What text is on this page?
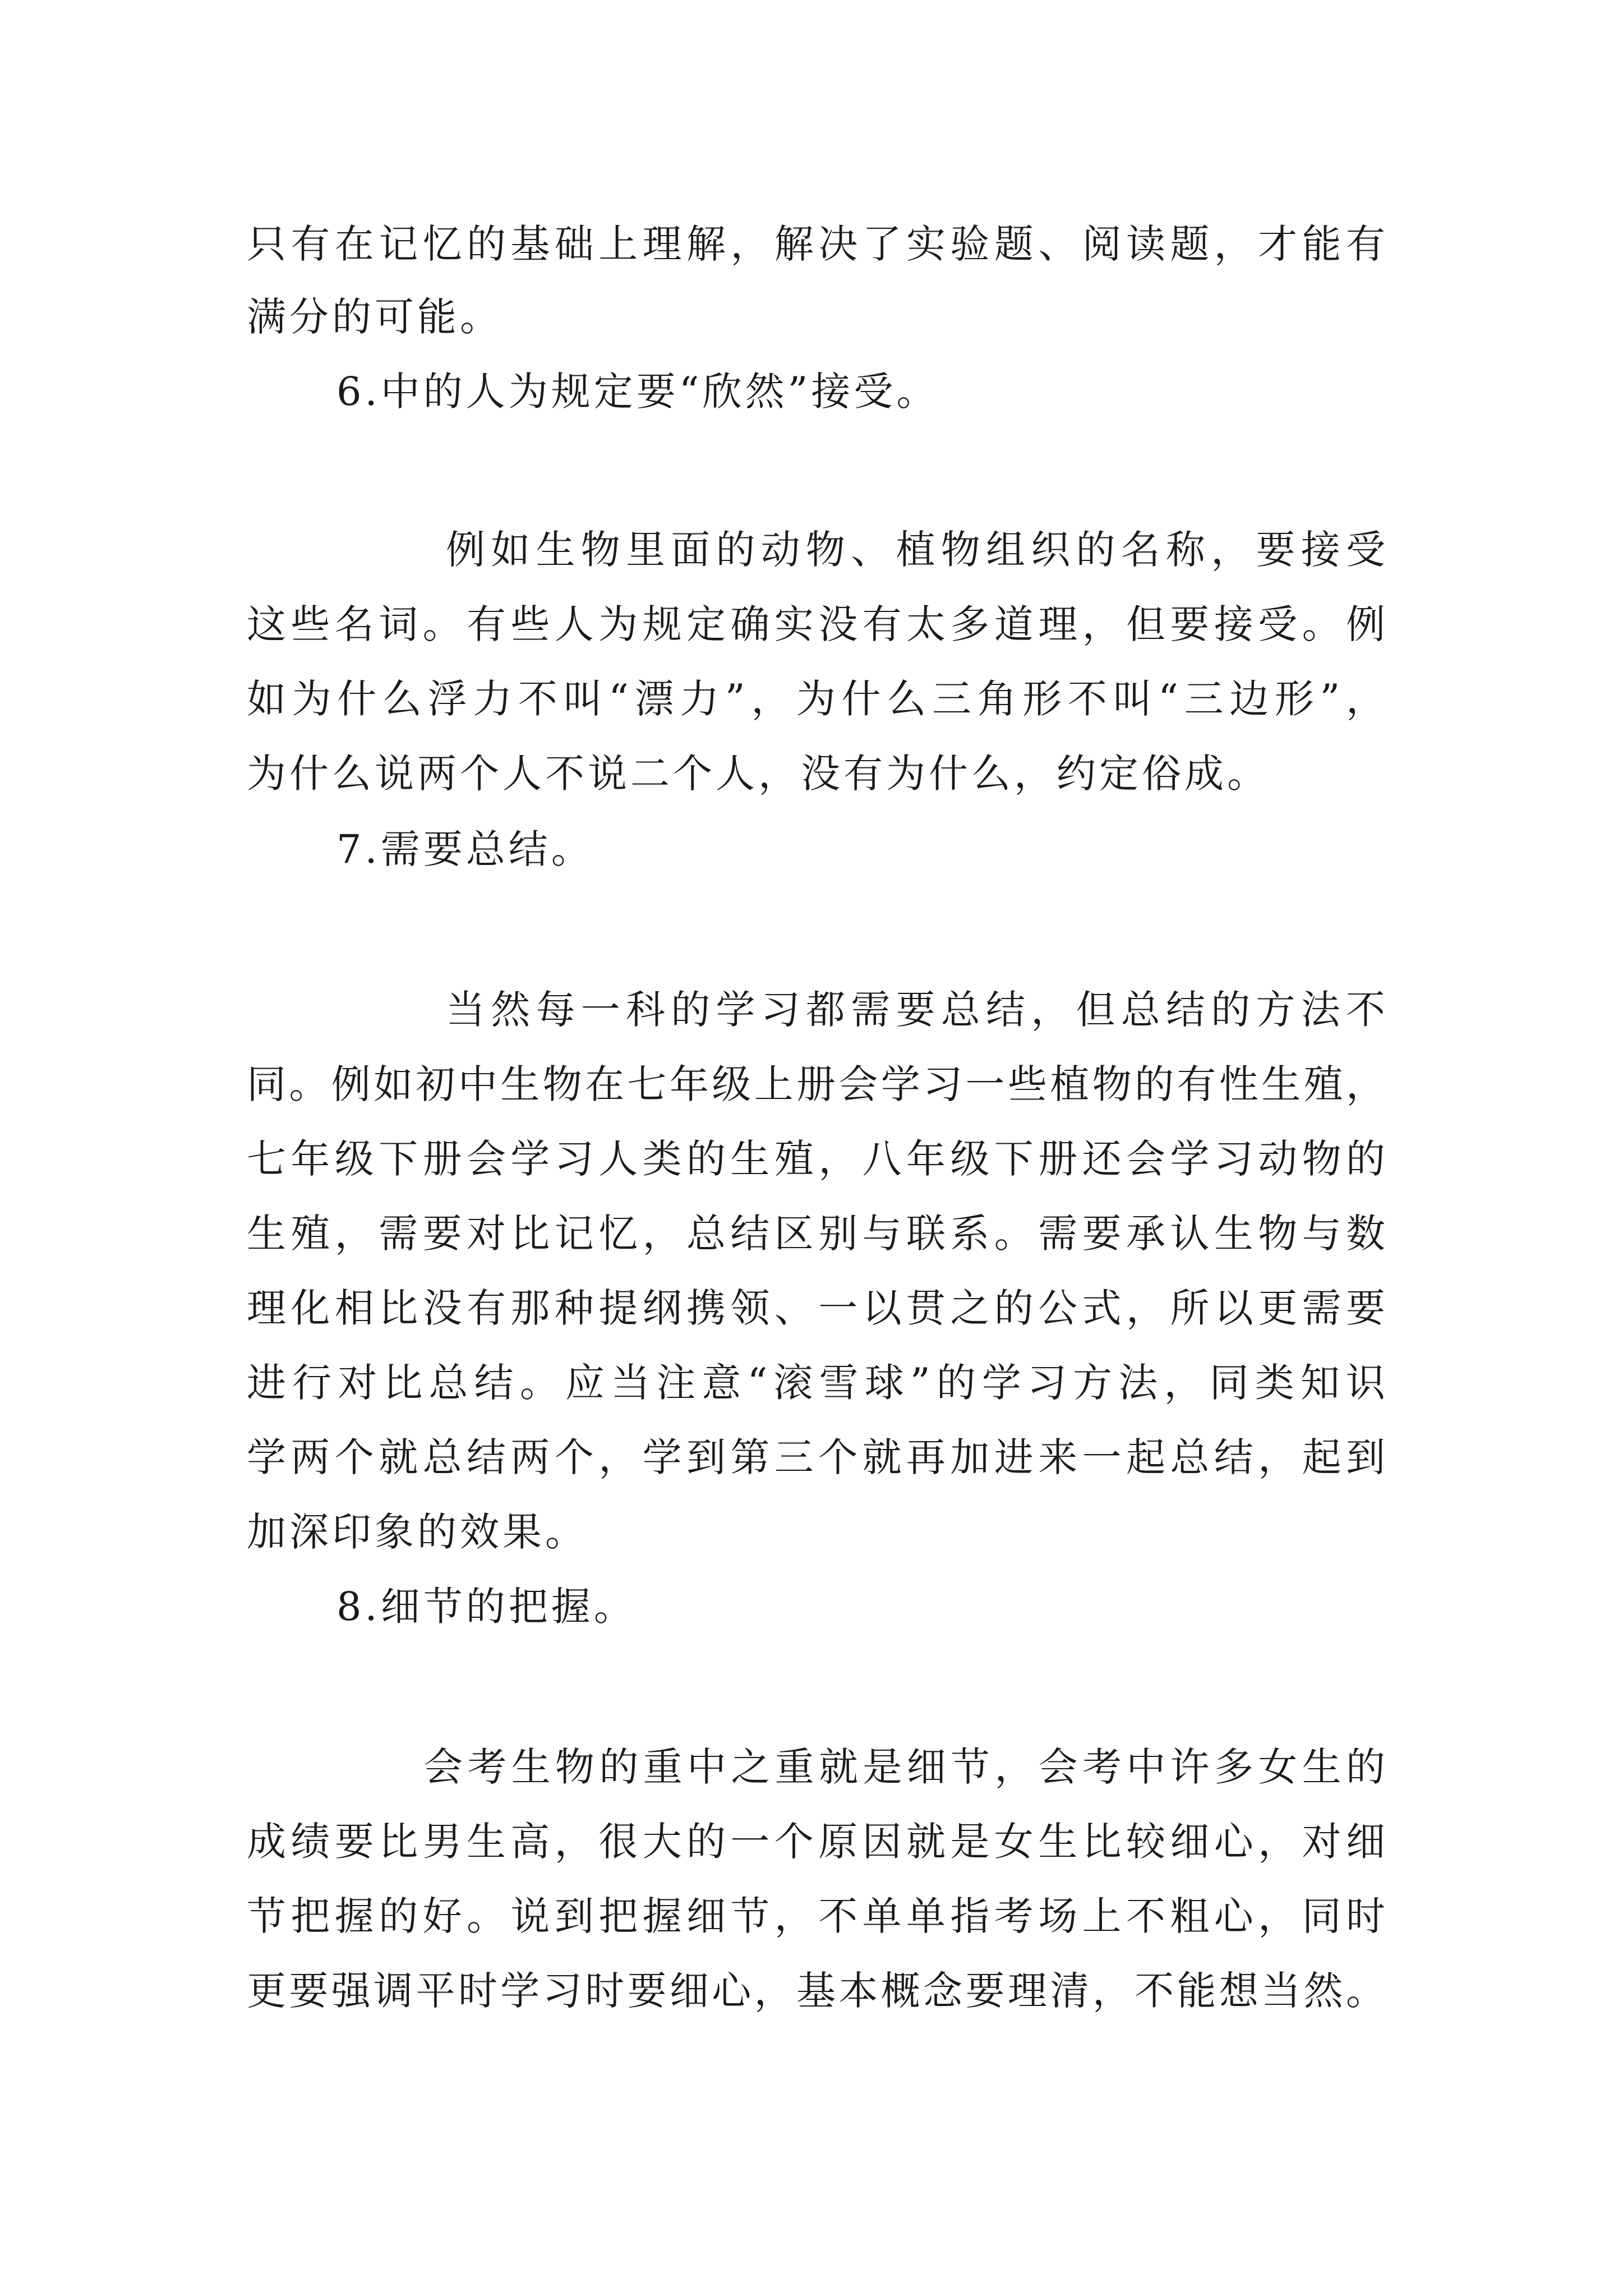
只有在记忆的基础上理解，解决了实验题、阅读题，才能有
满分的可能。
6.中的人为规定要“欣然”接受。
例如生物里面的动物、植物组织的名称，要接受
这些名词。有些人为规定确实没有太多道理，但要接受。例
如为什么浮力不叫“漂力”，为什么三角形不叫“三边形”，
为什么说两个人不说二个人，没有为什么，约定俗成。
7.需要总结。
当然每一科的学习都需要总结，但总结的方法不
同。例如初中生物在七年级上册会学习一些植物的有性生殖，
七年级下册会学习人类的生殖，八年级下册还会学习动物的
生殖，需要对比记忆，总结区别与联系。需要承认生物与数
理化相比没有那种提纲携领、一以贯之的公式，所以更需要
进行对比总结。应当注意“滚雪球”的学习方法，同类知识
学两个就总结两个，学到第三个就再加进来一起总结，起到
加深印象的效果。
8.细节的把握。
会考生物的重中之重就是细节，会考中许多女生的
成绩要比男生高，很大的一个原因就是女生比较细心，对细
节把握的好。说到把握细节，不单单指考场上不粗心，同时
更要强调平时学习时要细心，基本概念要理清，不能想当然。
